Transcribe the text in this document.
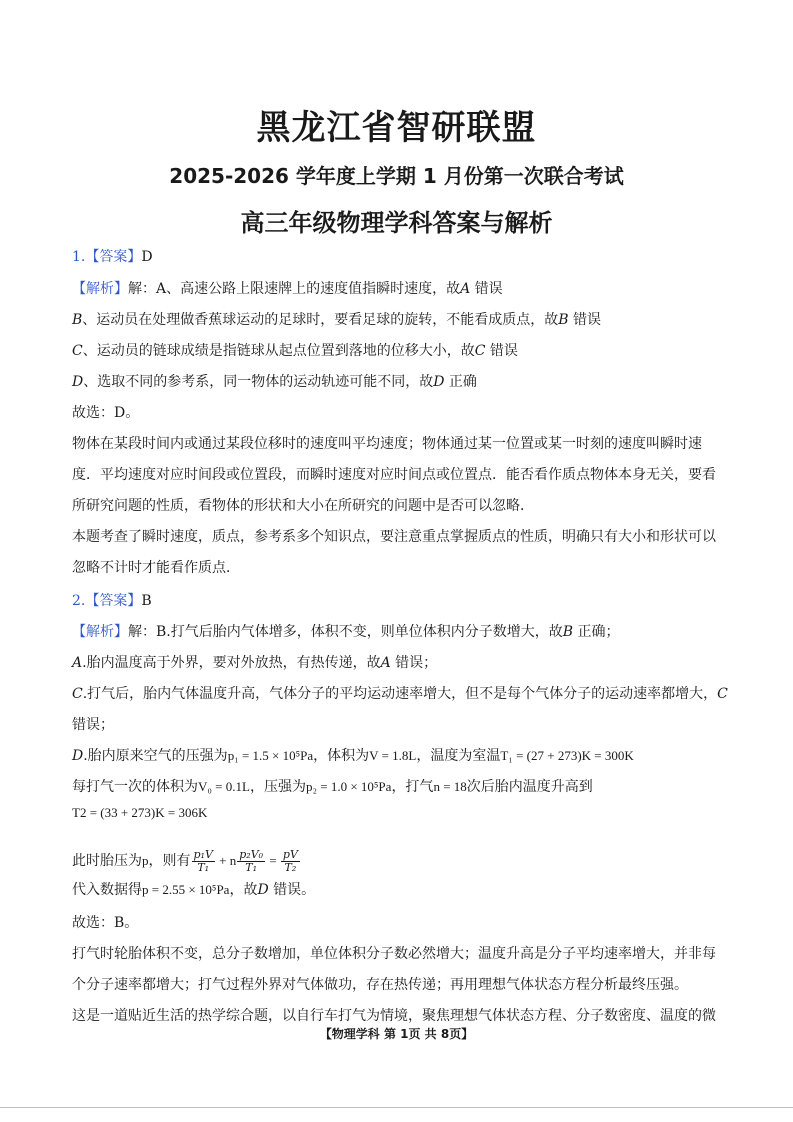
黑龙江省智研联盟
2025-2026 学年度上学期 1 月份第一次联合考试
高三年级物理学科答案与解析
1.【答案】D
【解析】解：A、高速公路上限速牌上的速度值指瞬时速度，故A 错误
B、运动员在处理做香蕉球运动的足球时，要看足球的旋转，不能看成质点，故B 错误
C、运动员的链球成绩是指链球从起点位置到落地的位移大小，故C 错误
D、选取不同的参考系，同一物体的运动轨迹可能不同，故D 正确
故选：D。
物体在某段时间内或通过某段位移时的速度叫平均速度；物体通过某一位置或某一时刻的速度叫瞬时速
度．平均速度对应时间段或位置段，而瞬时速度对应时间点或位置点．能否看作质点物体本身无关，要看
所研究问题的性质，看物体的形状和大小在所研究的问题中是否可以忽略．
本题考查了瞬时速度，质点，参考系多个知识点，要注意重点掌握质点的性质，明确只有大小和形状可以
忽略不计时才能看作质点．
2.【答案】B
【解析】解：B.打气后胎内气体增多，体积不变，则单位体积内分子数增大，故B 正确；
A.胎内温度高于外界，要对外放热，有热传递，故A 错误；
C.打气后，胎内气体温度升高，气体分子的平均运动速率增大，但不是每个气体分子的运动速率都增大，C
错误；
D.胎内原来空气的压强为p₁ = 1.5 × 10⁵Pa，体积为V = 1.8L，温度为室温T₁ = (27 + 273)K = 300K
每打气一次的体积为V₀ = 0.1L，压强为p₂ = 1.0 × 10⁵Pa，打气n = 18次后胎内温度升高到
T2 = (33 + 273)K = 306K
此时胎压为p，则有 $\frac{\text{p₁V}}{\text{T₁}} + n \frac{\text{p₂V₀}}{\text{T₁}} = \frac{pV}{\text{T₂}}$
代入数据得p = 2.55 × 10⁵Pa，故D 错误。
故选：B。
打气时轮胎体积不变，总分子数增加，单位体积分子数必然增大；温度升高是分子平均速率增大，并非每
个分子速率都增大；打气过程外界对气体做功，存在热传递；再用理想气体状态方程分析最终压强。
这是一道贴近生活的热学综合题，以自行车打气为情境，聚焦理想气体状态方程、分子数密度、温度的微
【物理学科 第 1页 共 8页】
